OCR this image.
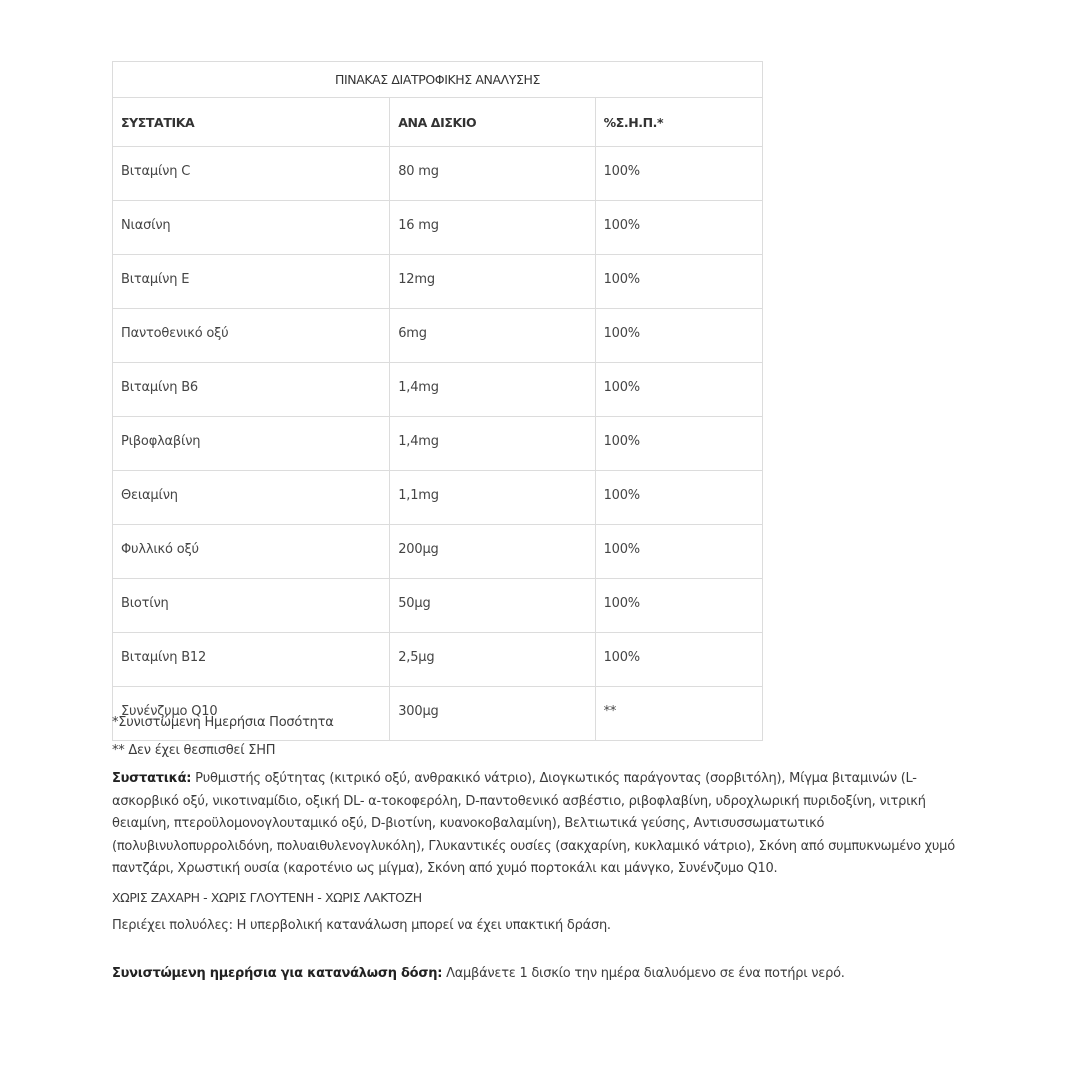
ΠΙΝΑΚΑΣ ΔΙΑΤΡΟΦΙΚΗΣ ΑΝΑΛΥΣΗΣ		
ΣΥΣΤΑΤΙΚΑ	ΑΝΑ ΔΙΣΚΙΟ	%Σ.Η.Π.*
Βιταμίνη C	80 mg	100%
Νιασίνη	16 mg	100%
Βιταμίνη Ε	12mg	100%
Παντοθενικό οξύ	6mg	100%
Βιταμίνη Β6	1,4mg	100%
Ριβοφλαβίνη	1,4mg	100%
Θειαμίνη	1,1mg	100%
Φυλλικό οξύ	200μg	100%
Βιοτίνη	50μg	100%
Βιταμίνη Β12	2,5μg	100%
Συνένζυμο Q10	300μg	**

*Συνιστώμενη Ημερήσια Ποσότητα

** Δεν έχει θεσπισθεί ΣΗΠ

Συστατικά: Ρυθμιστής οξύτητας (κιτρικό οξύ, ανθρακικό νάτριο), Διογκωτικός παράγοντας (σορβιτόλη), Μίγμα βιταμινών (L-ασκορβικό οξύ, νικοτιναμίδιο, οξική DL- α-τοκοφερόλη, D-παντοθενικό ασβέστιο, ριβοφλαβίνη, υδροχλωρική πυριδοξίνη, νιτρική θειαμίνη, πτεροϋλομονογλουταμικό οξύ, D-βιοτίνη, κυανοκοβαλαμίνη), Βελτιωτικά γεύσης, Αντισυσσωματωτικό (πολυβινυλοπυρρολιδόνη, πολυαιθυλενογλυκόλη), Γλυκαντικές ουσίες (σακχαρίνη, κυκλαμικό νάτριο), Σκόνη από συμπυκνωμένο χυμό παντζάρι, Χρωστική ουσία (καροτένιο ως μίγμα), Σκόνη από χυμό πορτοκάλι και μάνγκο, Συνένζυμο Q10.

ΧΩΡΙΣ ΖΑΧΑΡΗ - ΧΩΡΙΣ ΓΛΟΥΤΕΝΗ - ΧΩΡΙΣ ΛΑΚΤΟΖΗ

Περιέχει πολυόλες: Η υπερβολική κατανάλωση μπορεί να έχει υπακτική δράση.

Συνιστώμενη ημερήσια για κατανάλωση δόση: Λαμβάνετε 1 δισκίο την ημέρα διαλυόμενο σε ένα ποτήρι νερό.
